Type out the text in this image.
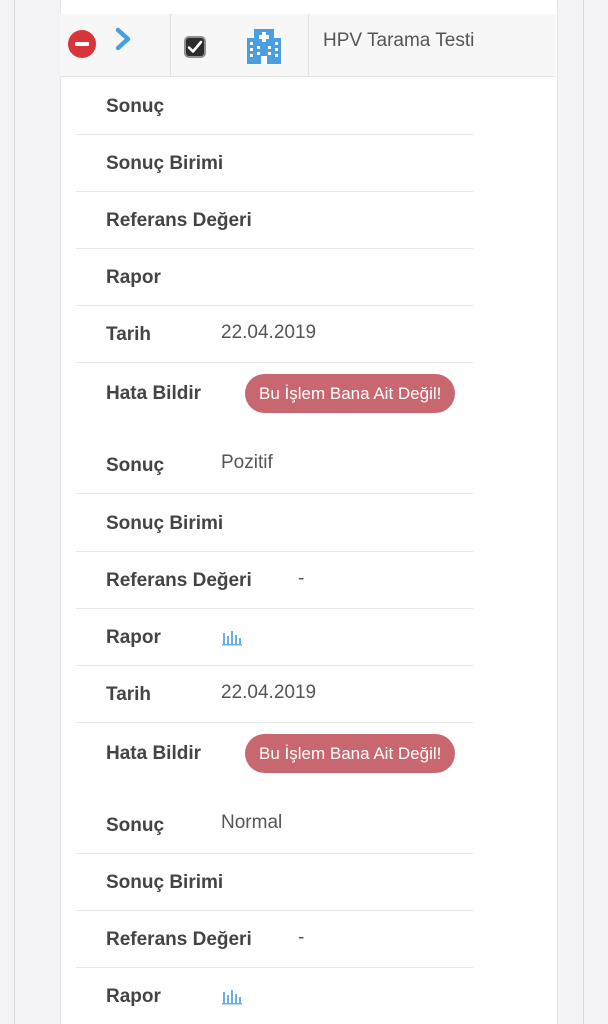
HPV Tarama Testi
Sonuç
Sonuç Birimi
Referans Değeri
Rapor
Tarih	22.04.2019
Hata Bildir	Bu İşlem Bana Ait Değil!
Sonuç	Pozitif
Sonuç Birimi
Referans Değeri -
Rapor
Tarih	22.04.2019
Hata Bildir	Bu İşlem Bana Ait Değil!
Sonuç	Normal
Sonuç Birimi
Referans Değeri -
Rapor
